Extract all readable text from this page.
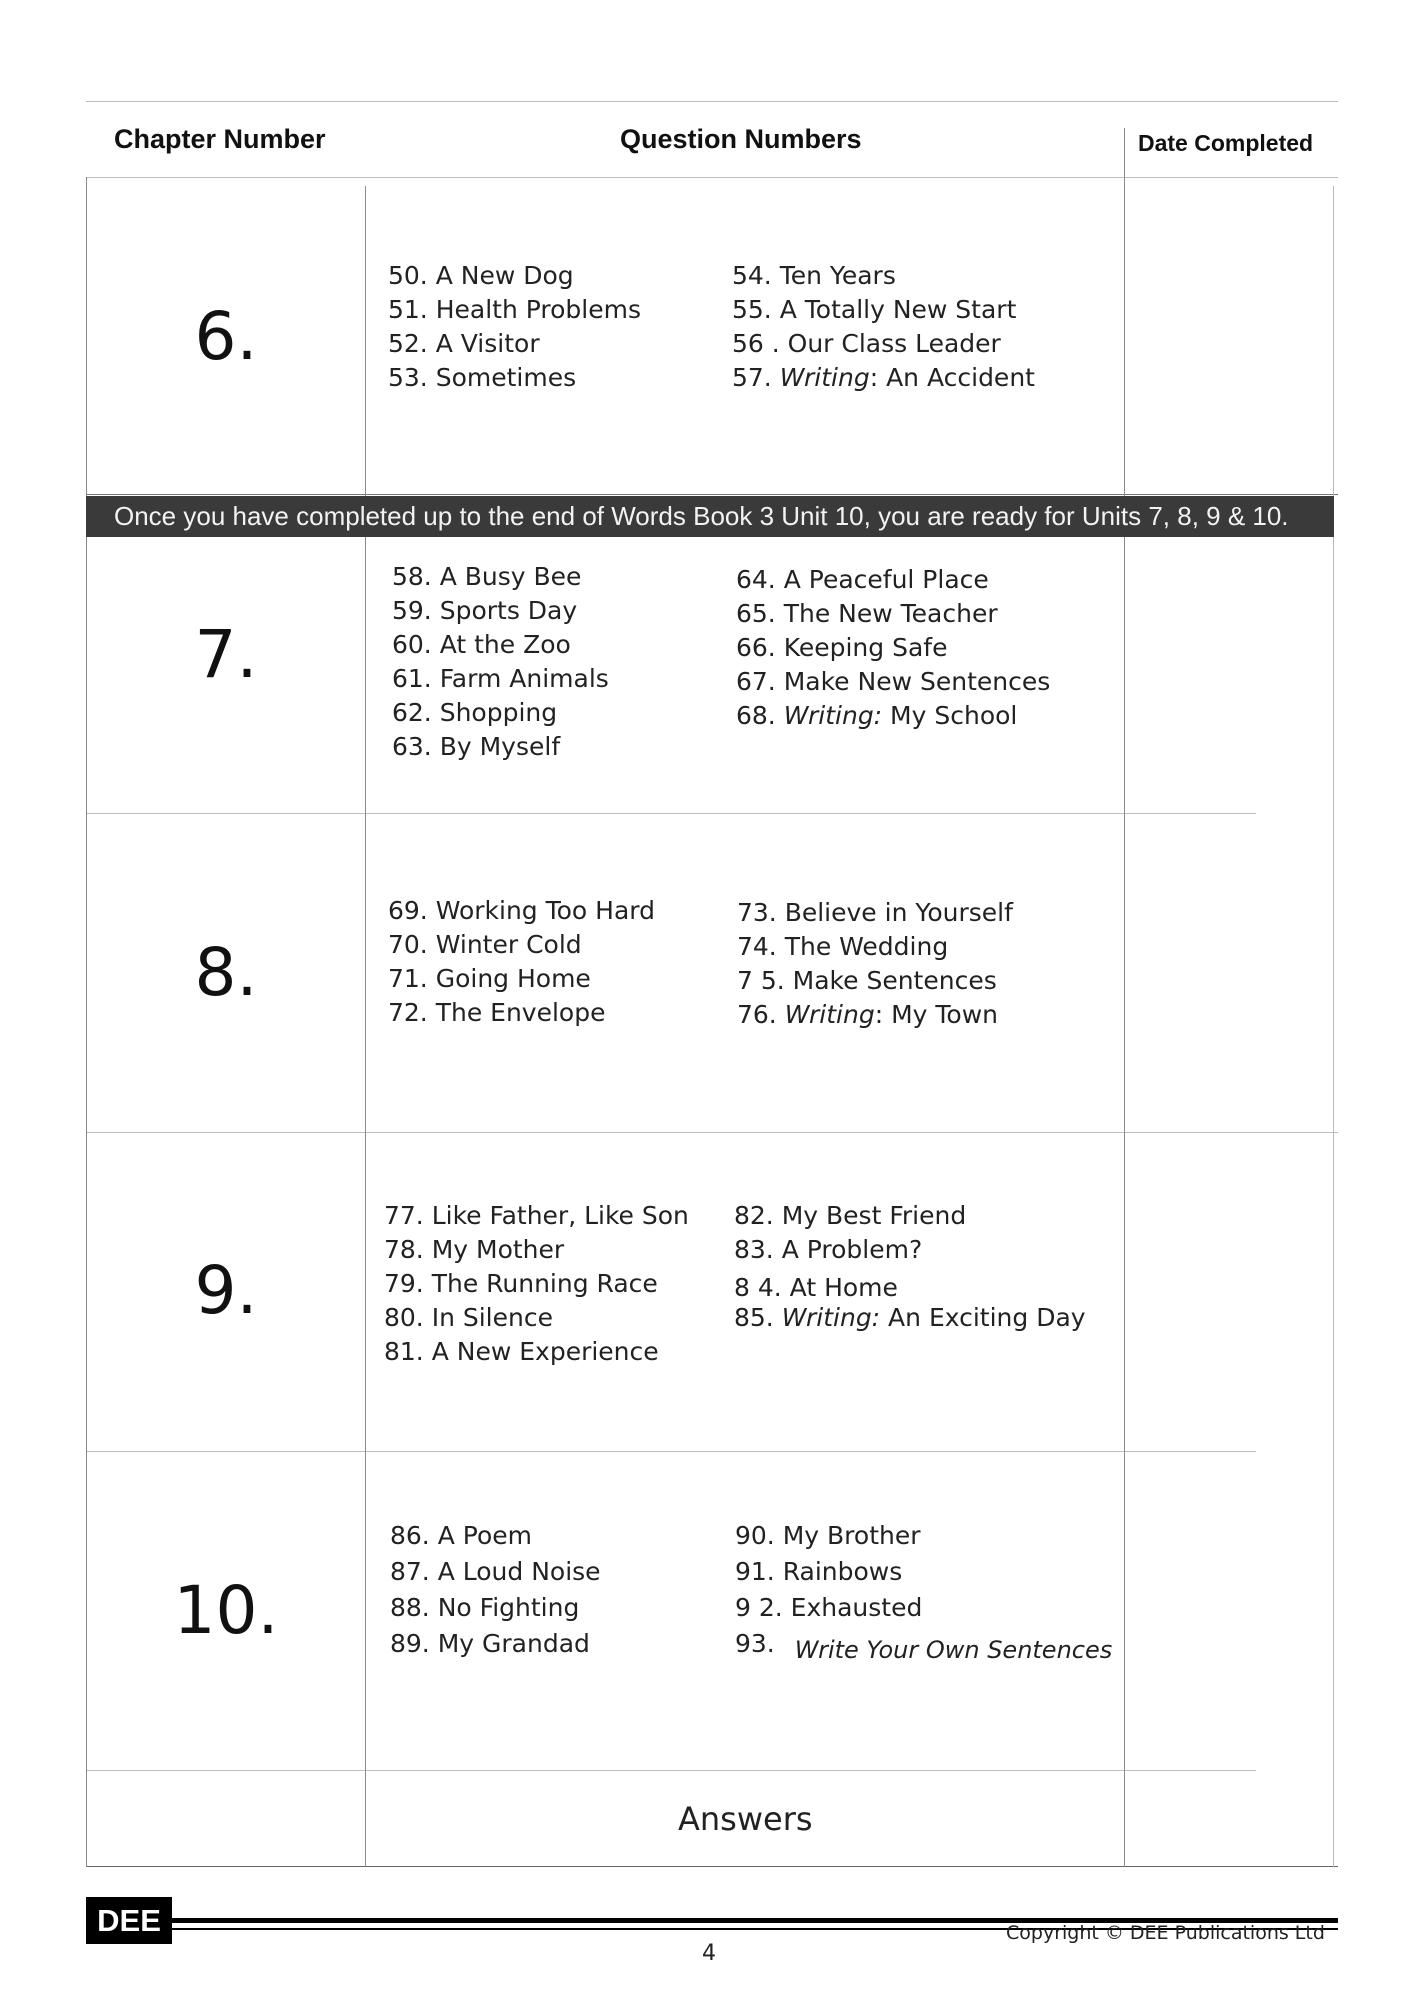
Chapter Number	Question Numbers	Date Completed
6.
50. A New Dog
51. Health Problems
52. A Visitor
53. Sometimes
54. Ten Years
55. A Totally New Start
56 . Our Class Leader
57. Writing: An Accident
Once you have completed up to the end of Words Book 3 Unit 10, you are ready for Units 7, 8, 9 & 10.
7.
58. A Busy Bee
59. Sports Day
60. At the Zoo
61. Farm Animals
62. Shopping
63. By Myself
64. A Peaceful Place
65. The New Teacher
66. Keeping Safe
67. Make New Sentences
68. Writing: My School
8.
69. Working Too Hard
70. Winter Cold
71. Going Home
72. The Envelope
73. Believe in Yourself
74. The Wedding
7 5. Make Sentences
76. Writing: My Town
9.
77. Like Father, Like Son
78. My Mother
79. The Running Race
80. In Silence
81. A New Experience
82. My Best Friend
83. A Problem?
8 4. At Home
85. Writing: An Exciting Day
10.
86. A Poem
87. A Loud Noise
88. No Fighting
89. My Grandad
90. My Brother
91. Rainbows
9 2. Exhausted
93. Write Your Own Sentences
Answers
DEE
4
Copyright © DEE Publications Ltd
